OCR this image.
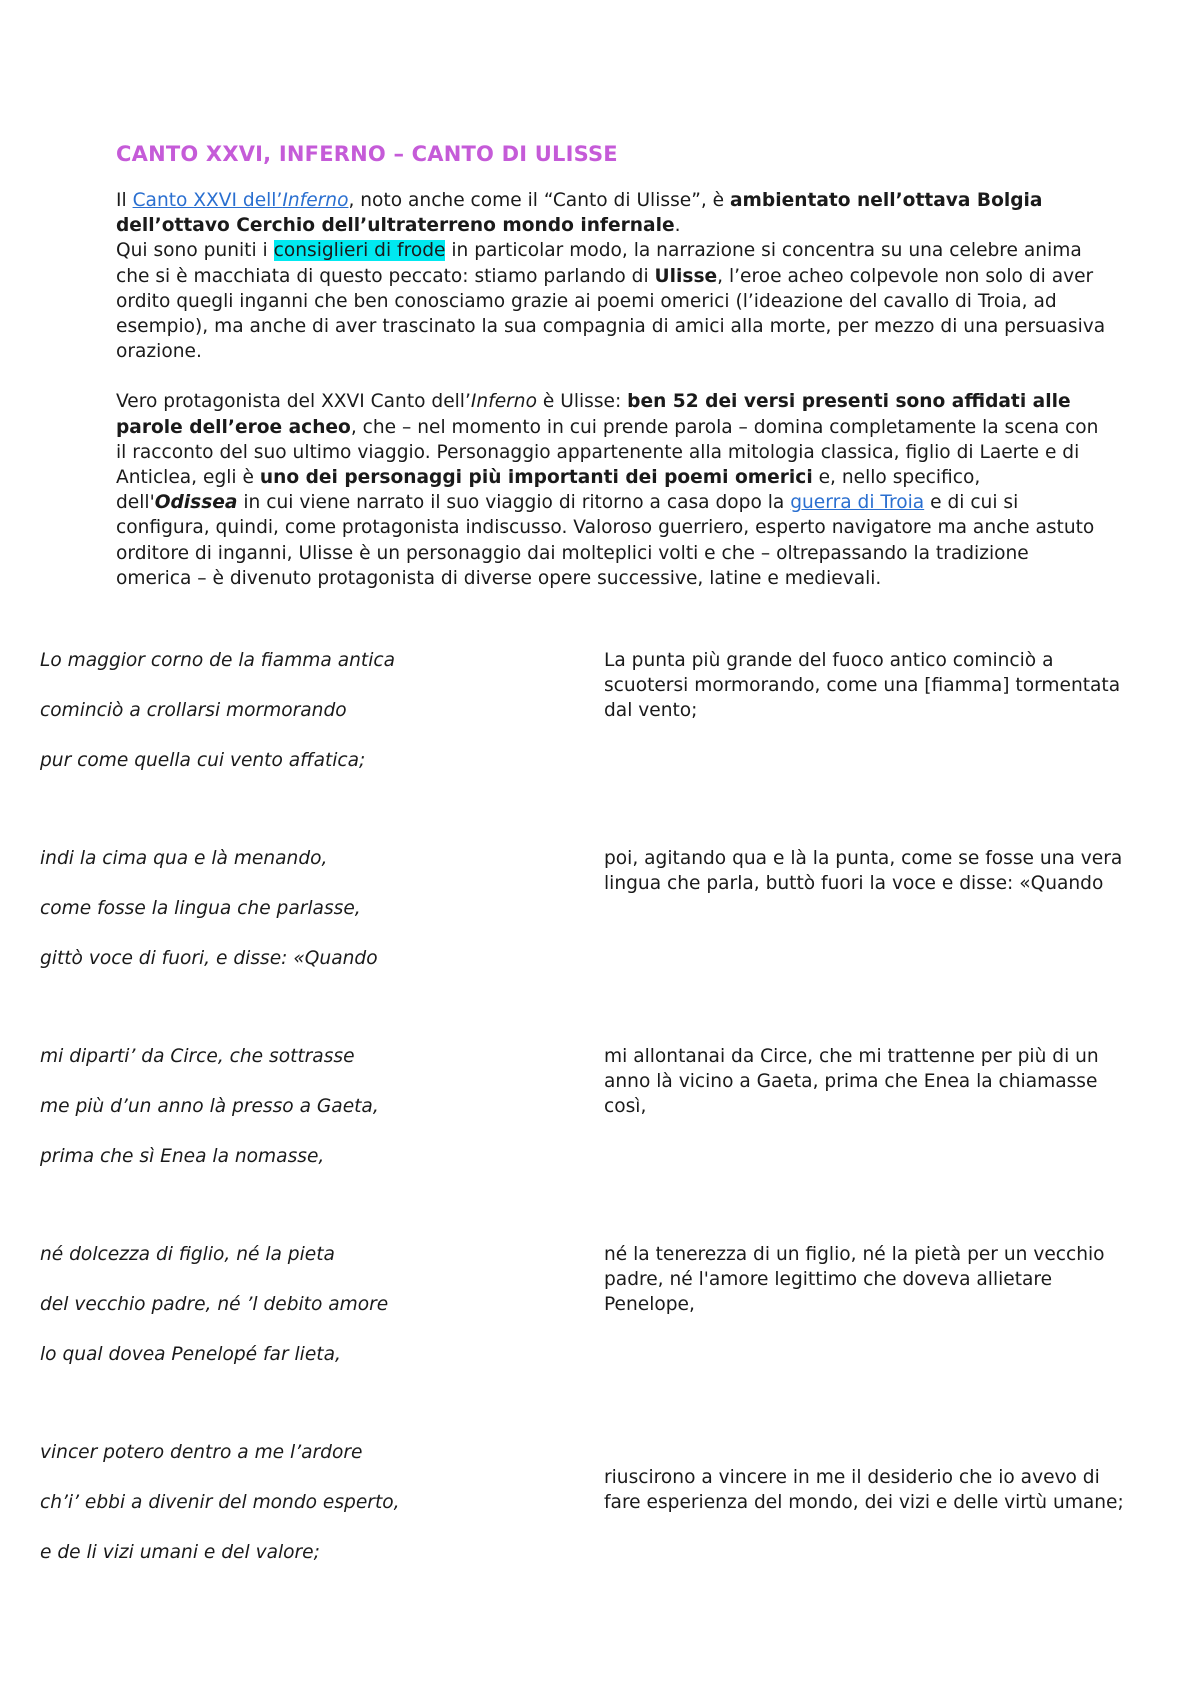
CANTO XXVI, INFERNO – CANTO DI ULISSE

Il Canto XXVI dell’Inferno, noto anche come il “Canto di Ulisse”, è ambientato nell’ottava Bolgia dell’ottavo Cerchio dell’ultraterreno mondo infernale.

Qui sono puniti i consiglieri di frode in particolar modo, la narrazione si concentra su una celebre anima che si è macchiata di questo peccato: stiamo parlando di Ulisse, l’eroe acheo colpevole non solo di aver ordito quegli inganni che ben conosciamo grazie ai poemi omerici (l’ideazione del cavallo di Troia, ad esempio), ma anche di aver trascinato la sua compagnia di amici alla morte, per mezzo di una persuasiva orazione.

Vero protagonista del XXVI Canto dell’Inferno è Ulisse: ben 52 dei versi presenti sono affidati alle parole dell’eroe acheo, che – nel momento in cui prende parola – domina completamente la scena con il racconto del suo ultimo viaggio. Personaggio appartenente alla mitologia classica, figlio di Laerte e di Anticlea, egli è uno dei personaggi più importanti dei poemi omerici e, nello specifico, dell'Odissea in cui viene narrato il suo viaggio di ritorno a casa dopo la guerra di Troia e di cui si configura, quindi, come protagonista indiscusso. Valoroso guerriero, esperto navigatore ma anche astuto orditore di inganni, Ulisse è un personaggio dai molteplici volti e che – oltrepassando la tradizione omerica – è divenuto protagonista di diverse opere successive, latine e medievali.

Lo maggior corno de la fiamma antica
cominciò a crollarsi mormorando
pur come quella cui vento affatica;
La punta più grande del fuoco antico cominciò a scuotersi mormorando, come una [fiamma] tormentata dal vento;
indi la cima qua e là menando,
come fosse la lingua che parlasse,
gittò voce di fuori, e disse: «Quando
poi, agitando qua e là la punta, come se fosse una vera lingua che parla, buttò fuori la voce e disse: «Quando
mi diparti’ da Circe, che sottrasse
me più d’un anno là presso a Gaeta,
prima che sì Enea la nomasse,
mi allontanai da Circe, che mi trattenne per più di un anno là vicino a Gaeta, prima che Enea la chiamasse così,
né dolcezza di figlio, né la pieta
del vecchio padre, né ’l debito amore
lo qual dovea Penelopé far lieta,
né la tenerezza di un figlio, né la pietà per un vecchio padre, né l'amore legittimo che doveva allietare Penelope,
vincer potero dentro a me l’ardore
ch’i’ ebbi a divenir del mondo esperto,
e de li vizi umani e del valore;
riuscirono a vincere in me il desiderio che io avevo di fare esperienza del mondo, dei vizi e delle virtù umane;
